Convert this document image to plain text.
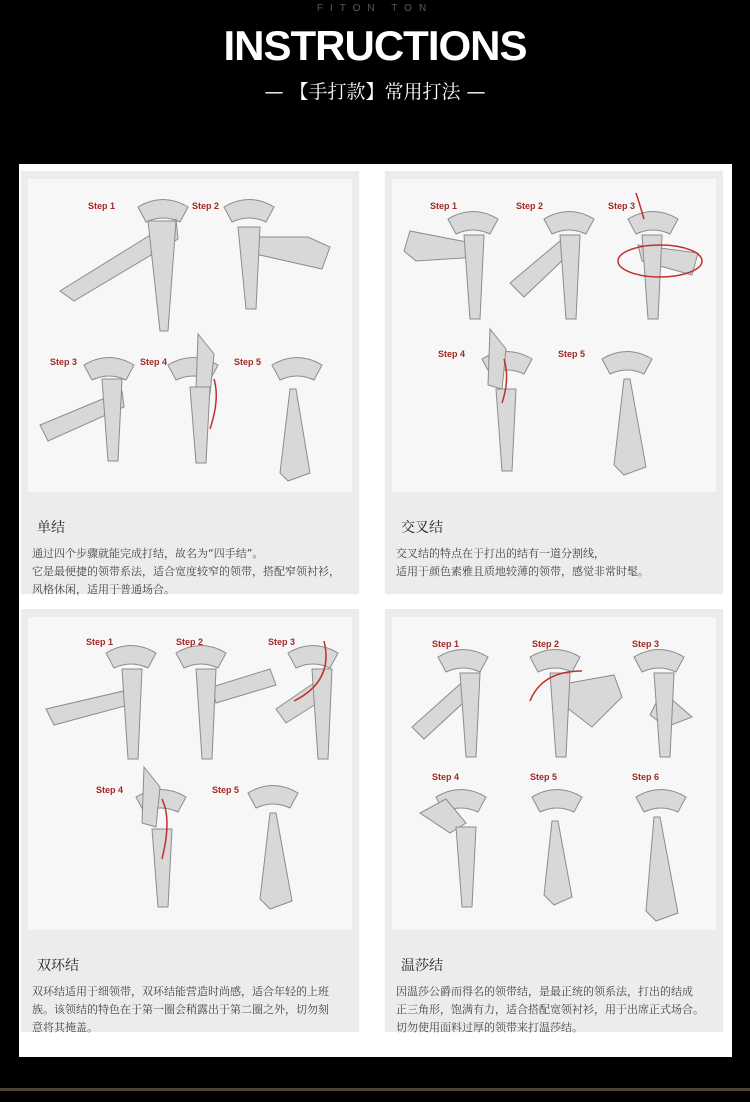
FITON TON
INSTRUCTIONS
— 【手打款】常用打法 —
Step 1	Step 2
Step 3	Step 4	Step 5
单结
通过四个步骤就能完成打结，故名为“四手结”。
它是最便捷的领带系法，适合宽度较窄的领带，搭配窄领衬衫，
风格休闲，适用于普通场合。
Step 1	Step 2	Step 3
Step 4	Step 5
交叉结
交叉结的特点在于打出的结有一道分割线，
适用于颜色素雅且质地较薄的领带，感觉非常时髦。
Step 1	Step 2	Step 3
Step 4	Step 5
双环结
双环结适用于细领带，双环结能营造时尚感，适合年轻的上班
族。该领结的特色在于第一圈会稍露出于第二圈之外，切勿刻
意将其掩盖。
Step 1	Step 2	Step 3
Step 4	Step 5	Step 6
温莎结
因温莎公爵而得名的领带结，是最正统的领系法，打出的结成
正三角形，饱满有力，适合搭配宽领衬衫，用于出席正式场合。
切勿使用面料过厚的领带来打温莎结。
